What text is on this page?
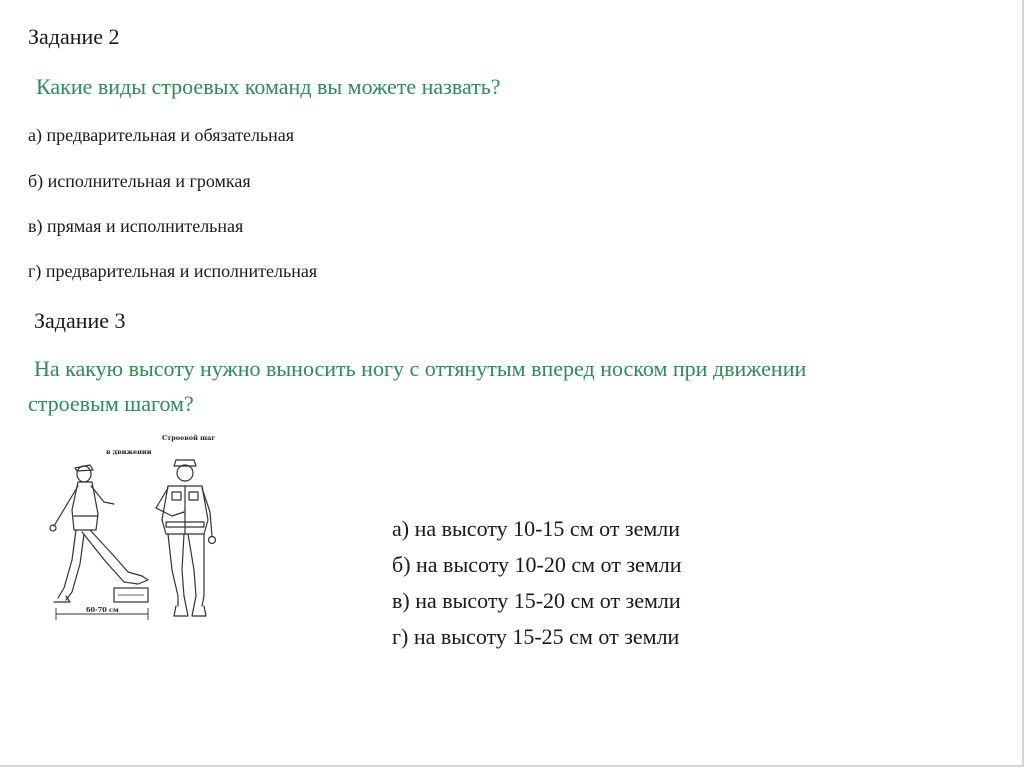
Задание 2
Какие виды строевых команд вы можете назвать?
а) предварительная и обязательная
б) исполнительная и громкая
в) прямая и исполнительная
г) предварительная и исполнительная
Задание 3
На какую высоту нужно выносить ногу с оттянутым вперед носком при движении
строевым шагом?
Строевой шаг
в движении
60-70 см
а) на высоту 10-15 см от земли
б) на высоту 10-20 см от земли
в) на высоту 15-20 см от земли
г) на высоту 15-25 см от земли
